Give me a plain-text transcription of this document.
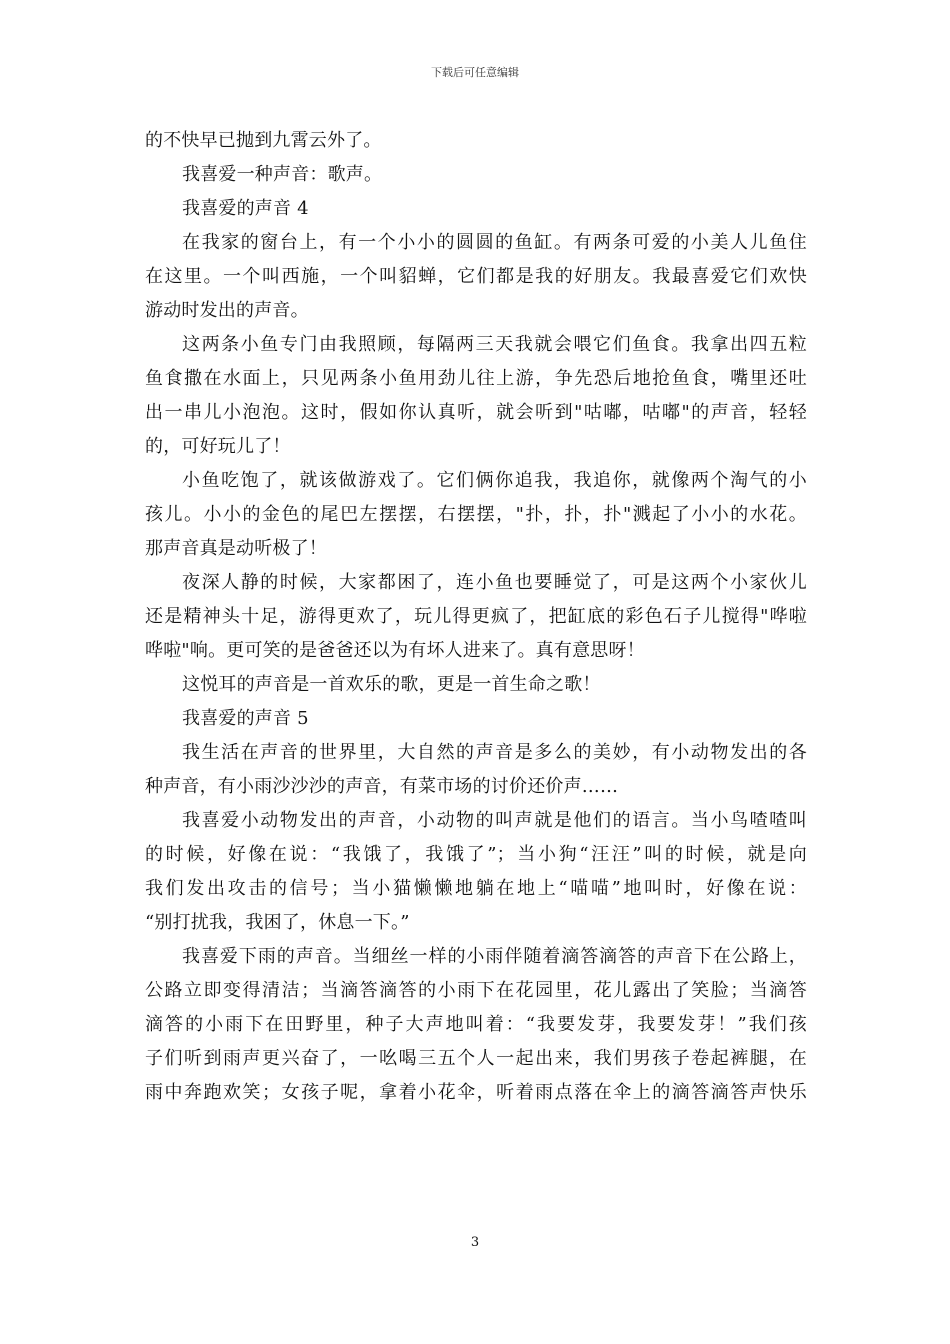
下载后可任意编辑
的不快早已抛到九霄云外了。
我喜爱一种声音：歌声。
我喜爱的声音 4
在我家的窗台上，有一个小小的圆圆的鱼缸。有两条可爱的小美人儿鱼住
在这里。一个叫西施，一个叫貂蝉，它们都是我的好朋友。我最喜爱它们欢快
游动时发出的声音。
这两条小鱼专门由我照顾，每隔两三天我就会喂它们鱼食。我拿出四五粒
鱼食撒在水面上，只见两条小鱼用劲儿往上游，争先恐后地抢鱼食，嘴里还吐
出一串儿小泡泡。这时，假如你认真听，就会听到"咕嘟，咕嘟"的声音，轻轻
的，可好玩儿了！
小鱼吃饱了，就该做游戏了。它们俩你追我，我追你，就像两个淘气的小
孩儿。小小的金色的尾巴左摆摆，右摆摆，"扑，扑，扑"溅起了小小的水花。
那声音真是动听极了！
夜深人静的时候，大家都困了，连小鱼也要睡觉了，可是这两个小家伙儿
还是精神头十足，游得更欢了，玩儿得更疯了，把缸底的彩色石子儿搅得"哗啦
哗啦"响。更可笑的是爸爸还以为有坏人进来了。真有意思呀！
这悦耳的声音是一首欢乐的歌，更是一首生命之歌！
我喜爱的声音 5
我生活在声音的世界里，大自然的声音是多么的美妙，有小动物发出的各
种声音，有小雨沙沙沙的声音，有菜市场的讨价还价声……
我喜爱小动物发出的声音，小动物的叫声就是他们的语言。当小鸟喳喳叫
的时候，好像在说：“我饿了，我饿了”；当小狗“汪汪”叫的时候，就是向
我们发出攻击的信号；当小猫懒懒地躺在地上“喵喵”地叫时，好像在说：
“别打扰我，我困了，休息一下。”
我喜爱下雨的声音。当细丝一样的小雨伴随着滴答滴答的声音下在公路上，
公路立即变得清洁；当滴答滴答的小雨下在花园里，花儿露出了笑脸；当滴答
滴答的小雨下在田野里，种子大声地叫着：“我要发芽，我要发芽！”我们孩
子们听到雨声更兴奋了，一吆喝三五个人一起出来，我们男孩子卷起裤腿，在
雨中奔跑欢笑；女孩子呢，拿着小花伞，听着雨点落在伞上的滴答滴答声快乐
3
